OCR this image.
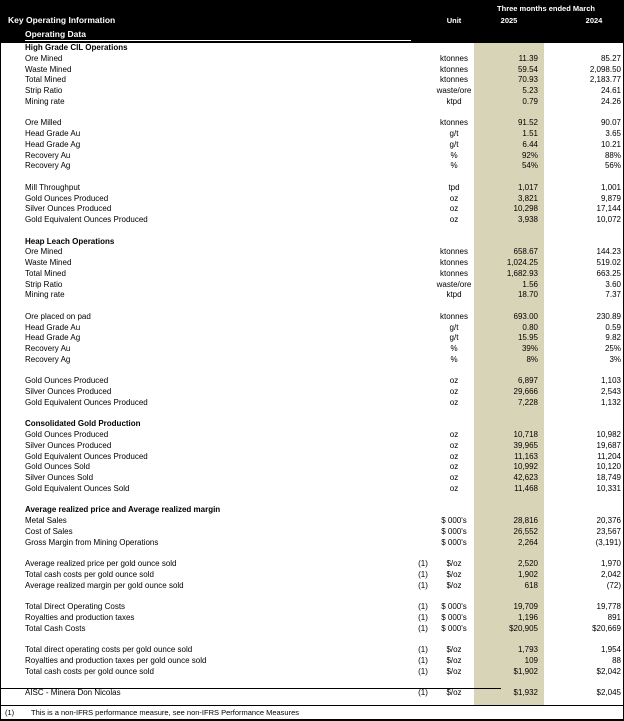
Three months ended March
Key Operating Information	Unit	2025	2024
Operating Data
High Grade CIL Operations
Ore Mined	ktonnes	11.39	85.27
Waste Mined	ktonnes	59.54	2,098.50
Total Mined	ktonnes	70.93	2,183.77
Strip Ratio	waste/ore	5.23	24.61
Mining rate	ktpd	0.79	24.26
Ore Milled	ktonnes	91.52	90.07
Head Grade Au	g/t	1.51	3.65
Head Grade Ag	g/t	6.44	10.21
Recovery Au	%	92%	88%
Recovery Ag	%	54%	56%
Mill Throughput	tpd	1,017	1,001
Gold Ounces Produced	oz	3,821	9,879
Silver Ounces Produced	oz	10,298	17,144
Gold Equivalent Ounces Produced	oz	3,938	10,072
Heap Leach Operations
Ore Mined	ktonnes	658.67	144.23
Waste Mined	ktonnes	1,024.25	519.02
Total Mined	ktonnes	1,682.93	663.25
Strip Ratio	waste/ore	1.56	3.60
Mining rate	ktpd	18.70	7.37
Ore placed on pad	ktonnes	693.00	230.89
Head Grade Au	g/t	0.80	0.59
Head Grade Ag	g/t	15.95	9.82
Recovery Au	%	39%	25%
Recovery Ag	%	8%	3%
Gold Ounces Produced	oz	6,897	1,103
Silver Ounces Produced	oz	29,666	2,543
Gold Equivalent Ounces Produced	oz	7,228	1,132
Consolidated Gold Production
Gold Ounces Produced	oz	10,718	10,982
Silver Ounces Produced	oz	39,965	19,687
Gold Equivalent Ounces Produced	oz	11,163	11,204
Gold Ounces Sold	oz	10,992	10,120
Silver Ounces Sold	oz	42,623	18,749
Gold Equivalent Ounces Sold	oz	11,468	10,331
Average realized price and Average realized margin
Metal Sales	$ 000's	28,816	20,376
Cost of Sales	$ 000's	26,552	23,567
Gross Margin from Mining Operations	$ 000's	2,264	(3,191)
Average realized price per gold ounce sold	(1)	$/oz	2,520	1,970
Total cash costs per gold ounce sold	(1)	$/oz	1,902	2,042
Average realized margin per gold ounce sold	(1)	$/oz	618	(72)
Total Direct Operating Costs	(1)	$ 000's	19,709	19,778
Royalties and production taxes	(1)	$ 000's	1,196	891
Total Cash Costs	(1)	$ 000's	$20,905	$20,669
Total direct operating costs per gold ounce sold	(1)	$/oz	1,793	1,954
Royalties and production taxes per gold ounce sold	(1)	$/oz	109	88
Total cash costs per gold ounce sold	(1)	$/oz	$1,902	$2,042
AISC - Minera Don Nicolas	(1)	$/oz	$1,932	$2,045
(1) This is a non-IFRS performance measure, see non-IFRS Performance Measures
